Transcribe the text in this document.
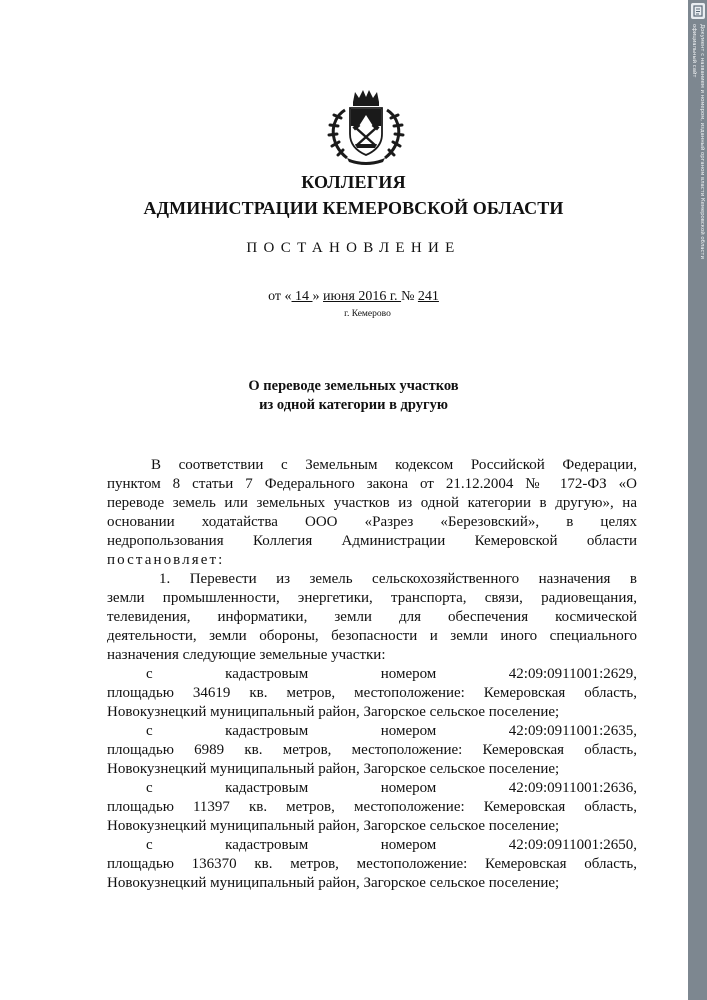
Документ с названием и номером, изданный органом власти Кемеровской области
официальный сайт
КОЛЛЕГИЯ
АДМИНИСТРАЦИИ КЕМЕРОВСКОЙ ОБЛАСТИ
ПОСТАНОВЛЕНИЕ
от « 14 » июня 2016 г. № 241
г. Кемерово
О переводе земельных участков
из одной категории в другую
В соответствии с Земельным кодексом Российской Федерации,
пунктом 8 статьи 7 Федерального закона от 21.12.2004 № 172-ФЗ «О
переводе земель или земельных участков из одной категории в другую», на
основании ходатайства ООО «Разрез «Березовский», в целях
недропользования Коллегия Администрации Кемеровской области
постановляет:
1. Перевести из земель сельскохозяйственного назначения в
земли промышленности, энергетики, транспорта, связи, радиовещания,
телевидения, информатики, земли для обеспечения космической
деятельности, земли обороны, безопасности и земли иного специального
назначения следующие земельные участки:
с кадастровым номером 42:09:0911001:2629,
площадью 34619 кв. метров, местоположение: Кемеровская область,
Новокузнецкий муниципальный район, Загорское сельское поселение;
с кадастровым номером 42:09:0911001:2635,
площадью 6989 кв. метров, местоположение: Кемеровская область,
Новокузнецкий муниципальный район, Загорское сельское поселение;
с кадастровым номером 42:09:0911001:2636,
площадью 11397 кв. метров, местоположение: Кемеровская область,
Новокузнецкий муниципальный район, Загорское сельское поселение;
с кадастровым номером 42:09:0911001:2650,
площадью 136370 кв. метров, местоположение: Кемеровская область,
Новокузнецкий муниципальный район, Загорское сельское поселение;
